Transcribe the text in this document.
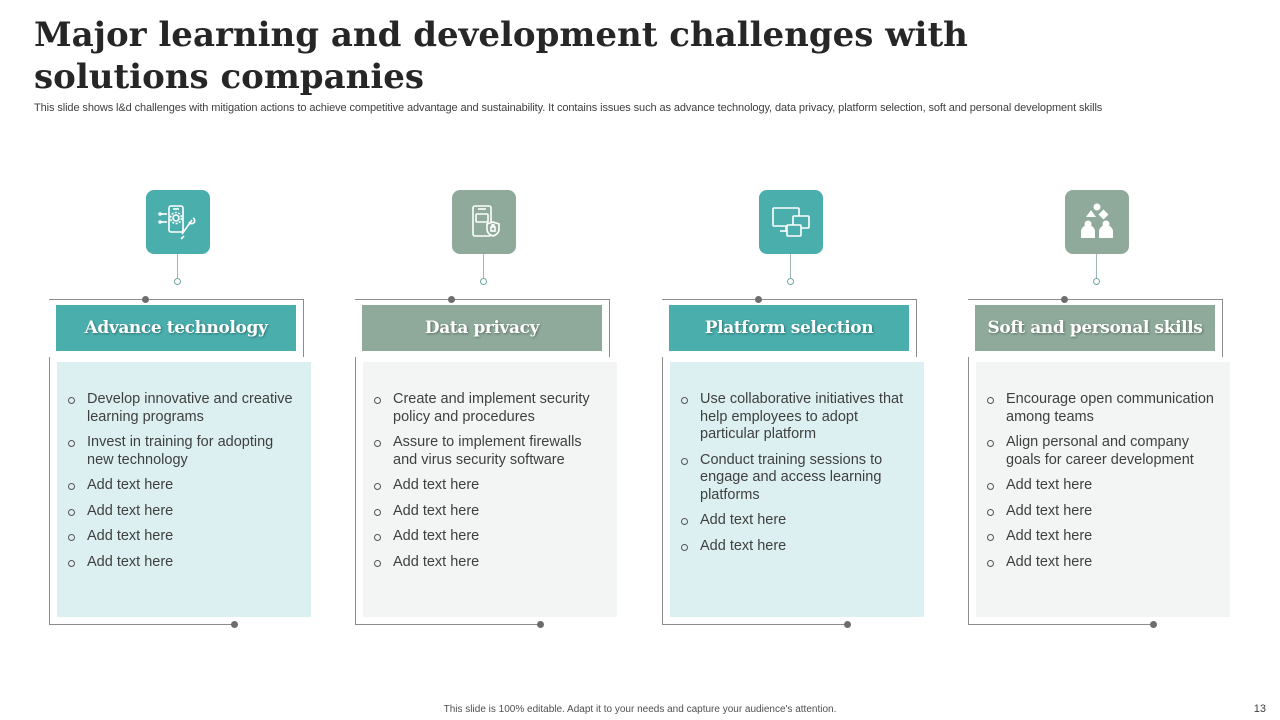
Major learning and development challenges with solutions companies
This slide shows l&d challenges with mitigation actions to achieve competitive advantage and sustainability. It contains issues such as advance technology, data privacy, platform selection, soft and personal development skills
Advance technology
Develop innovative and creative learning programs
Invest in training for adopting new technology
Add text here
Add text here
Add text here
Add text here
Data privacy
Create and implement security policy and procedures
Assure to implement firewalls and virus security software
Add text here
Add text here
Add text here
Add text here
Platform selection
Use collaborative initiatives that help employees to adopt particular platform
Conduct training sessions to engage and access learning platforms
Add text here
Add text here
Soft and personal skills
Encourage open communication among teams
Align personal and company goals for career development
Add text here
Add text here
Add text here
Add text here
This slide is 100% editable. Adapt it to your needs and capture your audience's attention.	13
